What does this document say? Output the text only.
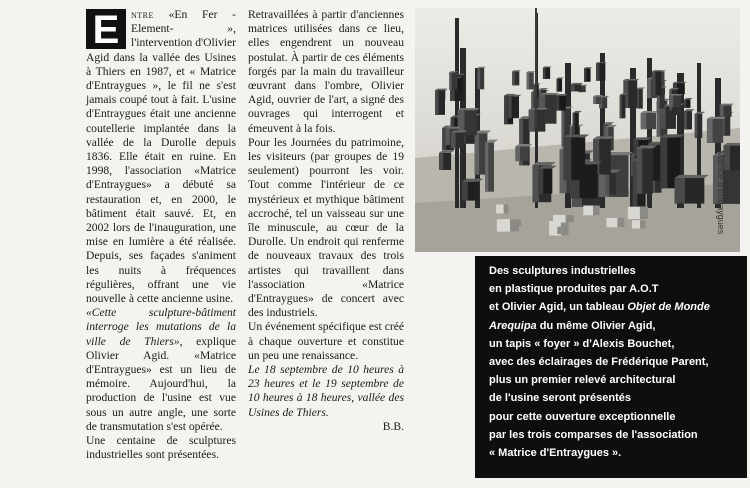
E	ntre «En Fer -Element- », l'intervention d'Olivier Agid dans la vallée des Usines à Thiers en 1987, et « Matrice d'Entraygues », le fil ne s'est jamais coupé tout à fait. L'usine d'Entraygues était une ancienne coutellerie implantée dans la vallée de la Durolle depuis 1836. Elle était en ruine. En 1998, l'association «Matrice d'Entraygues» a débuté sa restauration et, en 2000, le bâtiment était sauvé. Et, en 2002 lors de l'inauguration, une mise en lumière a été réalisée. Depuis, ses façades s'animent les nuits à fréquences régulières, offrant une vie nouvelle à cette ancienne usine.

«Cette sculpture-bâtiment interroge les mutations de la ville de Thiers», explique Olivier Agid. «Matrice d'Entraygues» est un lieu de mémoire. Aujourd'hui, la production de l'usine est vue sous un autre angle, une sorte de transmutation s'est opérée.

Une centaine de sculptures industrielles sont présentées.

Retravaillées à partir d'anciennes matrices utilisées dans ce lieu, elles engendrent un nouveau postulat. À partir de ces éléments forgés par la main du travailleur œuvrant dans l'ombre, Olivier Agid, ouvrier de l'art, a signé des ouvrages qui interrogent et émeuvent à la fois.

Pour les Journées du patrimoine, les visiteurs (par groupes de 19 seulement) pourront les voir. Tout comme l'intérieur de ce mystérieux et mythique bâtiment accroché, tel un vaisseau sur une île minuscule, au cœur de la Durolle. Un endroit qui renferme de nouveaux travaux des trois artistes qui travaillent dans l'association «Matrice d'Entraygues» de concert avec des industriels.

Un événement spécifique est créé à chaque ouverture et constitue un peu une renaissance.

Le 18 septembre de 10 heures à 23 heures et le 19 septembre de 10 heures à 18 heures, vallée des Usines de Thiers.

B.B.

Matrice d'Entraygues
Des sculptures industrielles
en plastique produites par A.O.T
et Olivier Agid, un tableau Objet de Monde
Arequipa du même Olivier Agid,
un tapis « foyer » d'Alexis Bouchet,
avec des éclairages de Frédérique Parent,
plus un premier relevé architectural
de l'usine seront présentés
pour cette ouverture exceptionnelle
par les trois comparses de l'association
« Matrice d'Entraygues ».
